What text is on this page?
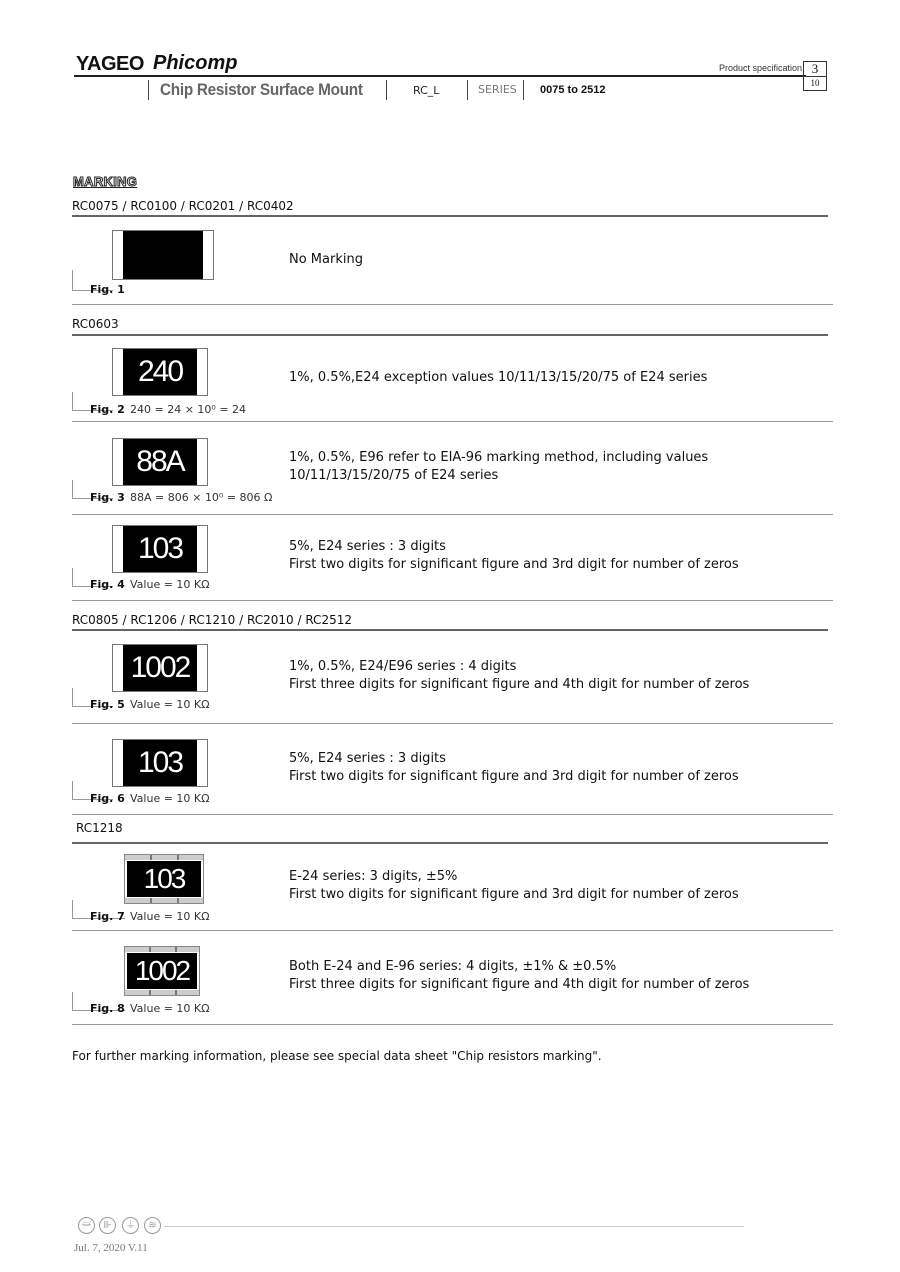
YAGEO Phicomp	Product specification 3
10
Chip Resistor Surface Mount	RC_L	SERIES 0075 to 2512
MARKING
RC0075 / RC0100 / RC0201 / RC0402
Fig. 1
No Marking
RC0603
240
Fig. 2 240 = 24 × 10⁰ = 24
1%, 0.5%,E24 exception values 10/11/13/15/20/75 of E24 series
88A
Fig. 3 88A = 806 × 10⁰ = 806 Ω
1%, 0.5%, E96 refer to EIA-96 marking method, including values
10/11/13/15/20/75 of E24 series
103
Fig. 4 Value = 10 KΩ
5%, E24 series : 3 digits
First two digits for significant figure and 3rd digit for number of zeros
RC0805 / RC1206 / RC1210 / RC2010 / RC2512
1002
Fig. 5 Value = 10 KΩ
1%, 0.5%, E24/E96 series : 4 digits
First three digits for significant figure and 4th digit for number of zeros
103
Fig. 6 Value = 10 KΩ
5%, E24 series : 3 digits
First two digits for significant figure and 3rd digit for number of zeros
RC1218
103
Fig. 7 Value = 10 KΩ
E-24 series: 3 digits, ±5%
First two digits for significant figure and 3rd digit for number of zeros
1002
Fig. 8 Value = 10 KΩ
Both E-24 and E-96 series: 4 digits, ±1% & ±0.5%
First three digits for significant figure and 4th digit for number of zeros
For further marking information, please see special data sheet "Chip resistors marking".
⏛	⊪	⏚	≋
Jul. 7, 2020 V.11
